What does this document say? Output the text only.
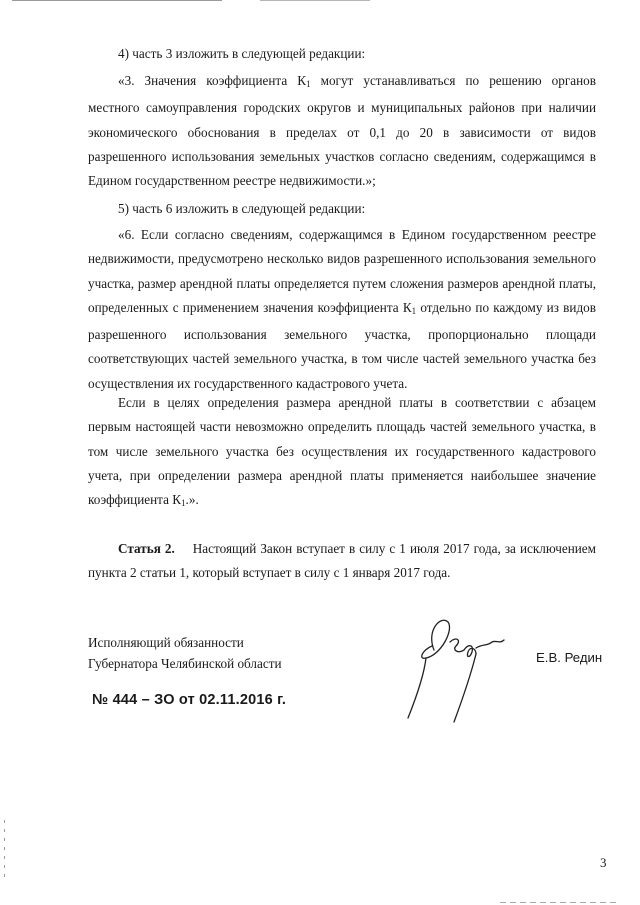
4) часть 3 изложить в следующей редакции:

«3. Значения коэффициента $К_1$ могут устанавливаться по решению органов местного самоуправления городских округов и муниципальных районов при наличии экономического обоснования в пределах от 0,1 до 20 в зависимости от видов разрешенного использования земельных участков согласно сведениям, содержащимся в Едином государственном реестре недвижимости.»;

5) часть 6 изложить в следующей редакции:

«6. Если согласно сведениям, содержащимся в Едином государственном реестре недвижимости, предусмотрено несколько видов разрешенного использования земельного участка, размер арендной платы определяется путем сложения размеров арендной платы, определенных с применением значения коэффициента $К_1$ отдельно по каждому из видов разрешенного использования земельного участка, пропорционально площади соответствующих частей земельного участка, в том числе частей земельного участка без осуществления их государственного кадастрового учета.

Если в целях определения размера арендной платы в соответствии с абзацем первым настоящей части невозможно определить площадь частей земельного участка, в том числе земельного участка без осуществления их государственного кадастрового учета, при определении размера арендной платы применяется наибольшее значение коэффициента $К_1$.».

Статья 2. Настоящий Закон вступает в силу с 1 июля 2017 года, за исключением пункта 2 статьи 1, который вступает в силу с 1 января 2017 года.

Исполняющий обязанности
Губернатора Челябинской области	Е.В. Редин
№ 444 – ЗО от 02.11.2016 г.
3
